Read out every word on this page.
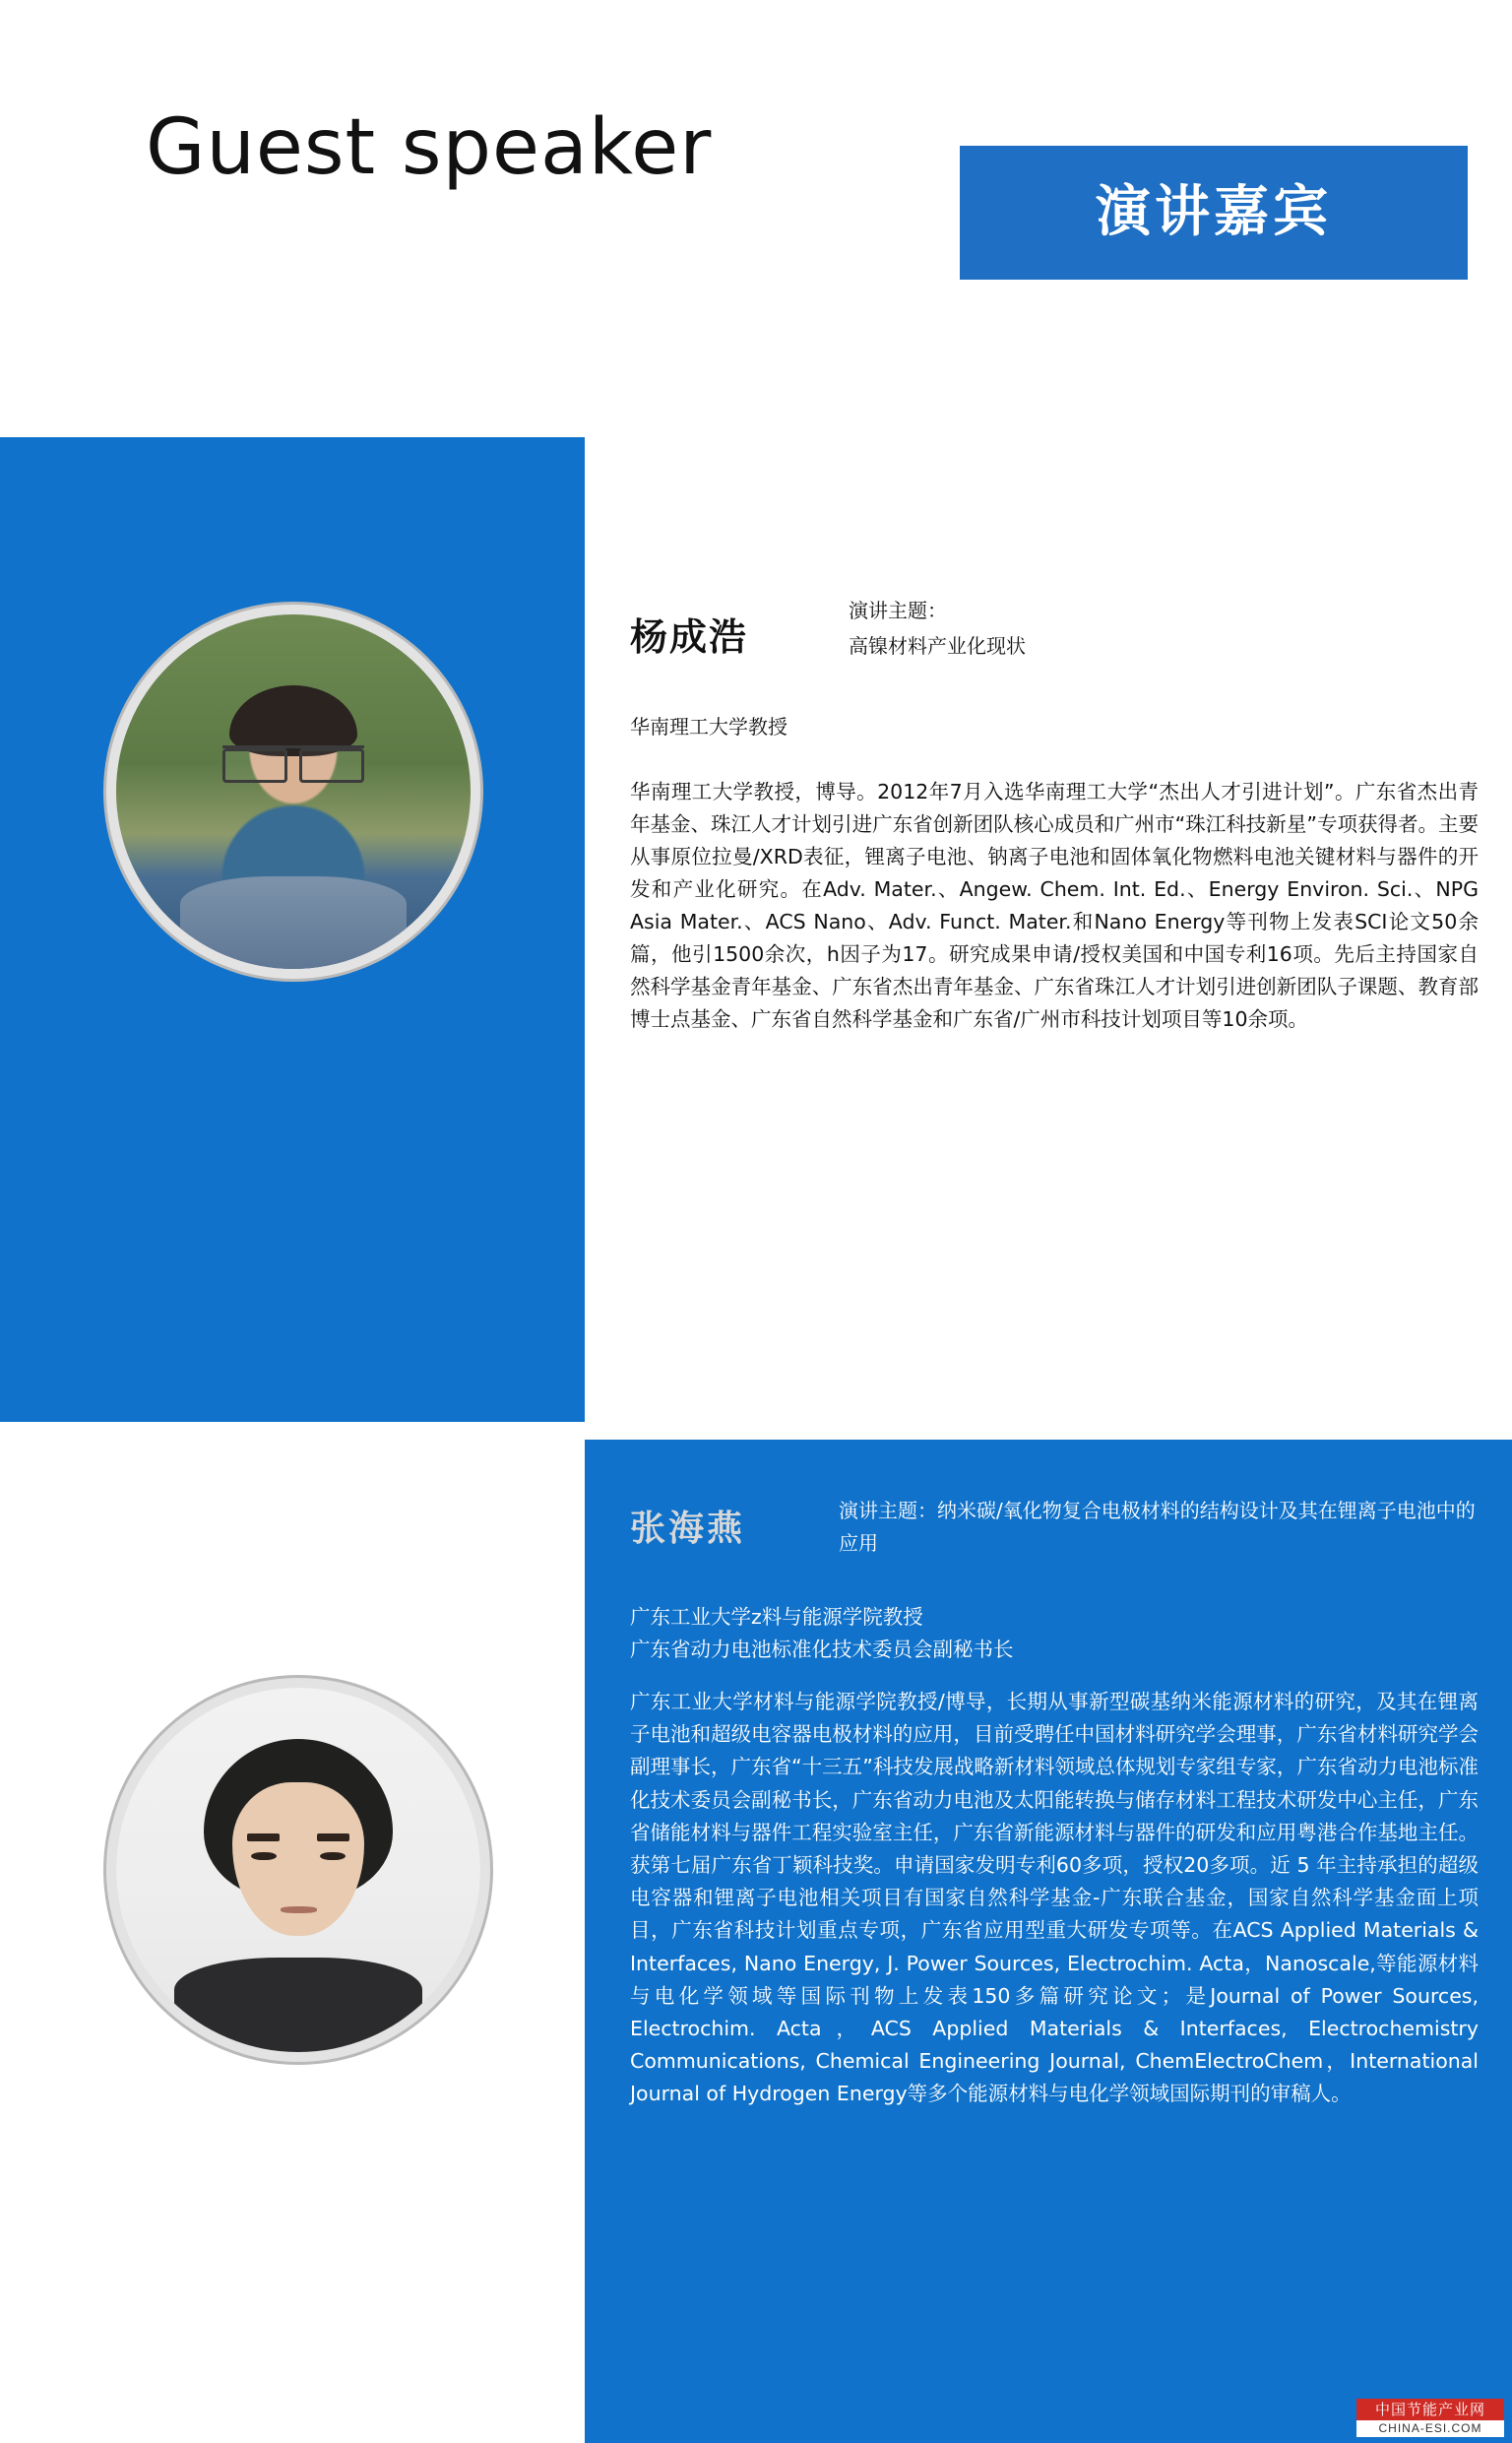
Guest speaker
演讲嘉宾
杨成浩
演讲主题：
高镍材料产业化现状
华南理工大学教授
华南理工大学教授，博导。2012年7月入选华南理工大学“杰出人才引进计划”。广东省杰出青年基金、珠江人才计划引进广东省创新团队核心成员和广州市“珠江科技新星”专项获得者。主要从事原位拉曼/XRD表征，锂离子电池、钠离子电池和固体氧化物燃料电池关键材料与器件的开发和产业化研究。在Adv. Mater.、Angew. Chem. Int. Ed.、Energy Environ. Sci.、NPG Asia Mater.、ACS Nano、Adv. Funct. Mater.和Nano Energy等刊物上发表SCI论文50余篇，他引1500余次，h因子为17。研究成果申请/授权美国和中国专利16项。先后主持国家自然科学基金青年基金、广东省杰出青年基金、广东省珠江人才计划引进创新团队子课题、教育部博士点基金、广东省自然科学基金和广东省/广州市科技计划项目等10余项。
张海燕	演讲主题：纳米碳/氧化物复合电极材料的结构设计及其在锂离子电池中的应用
广东工业大学z料与能源学院教授
广东省动力电池标准化技术委员会副秘书长
广东工业大学材料与能源学院教授/博导，长期从事新型碳基纳米能源材料的研究，及其在锂离子电池和超级电容器电极材料的应用，目前受聘任中国材料研究学会理事，广东省材料研究学会副理事长，广东省“十三五”科技发展战略新材料领域总体规划专家组专家，广东省动力电池标准化技术委员会副秘书长，广东省动力电池及太阳能转换与储存材料工程技术研发中心主任，广东省储能材料与器件工程实验室主任，广东省新能源材料与器件的研发和应用粤港合作基地主任。获第七届广东省丁颖科技奖。申请国家发明专利60多项，授权20多项。近 5 年主持承担的超级电容器和锂离子电池相关项目有国家自然科学基金-广东联合基金，国家自然科学基金面上项目，广东省科技计划重点专项，广东省应用型重大研发专项等。在ACS Applied Materials & Interfaces, Nano Energy, J. Power Sources, Electrochim. Acta，Nanoscale,等能源材料与电化学领域等国际刊物上发表150多篇研究论文；是Journal of Power Sources, Electrochim. Acta，ACS Applied Materials & Interfaces, Electrochemistry Communications, Chemical Engineering Journal, ChemElectroChem，International Journal of Hydrogen Energy等多个能源材料与电化学领域国际期刊的审稿人。
中国节能产业网
CHINA-ESI.COM
